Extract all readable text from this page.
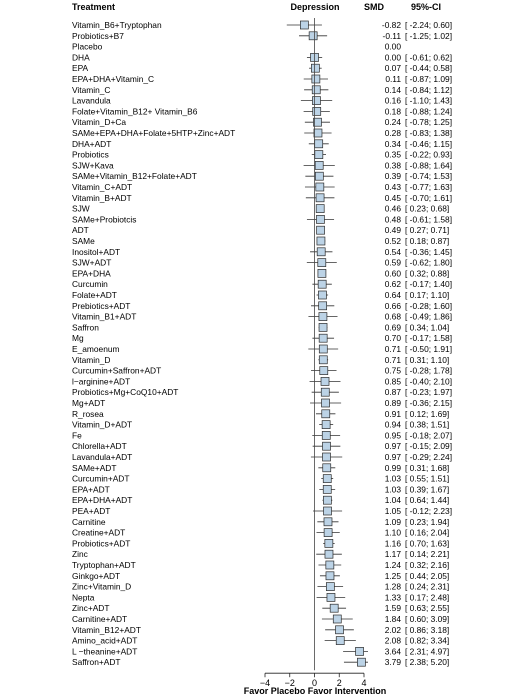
Treatment	Depression	SMD	95%-CI
Vitamin_B6+Tryptophan	-0.82 [ -2.24; 0.60]
Probiotics+B7	-0.11 [ -1.25; 1.02]
Placebo	0.00
DHA	0.00 [ -0.61; 0.62]
EPA	0.07 [ -0.44; 0.58]
EPA+DHA+Vitamin_C	0.11 [ -0.87; 1.09]
Vitamin_C	0.14 [ -0.84; 1.12]
Lavandula	0.16 [ -1.10; 1.43]
Folate+Vitamin_B12+ Vitamin_B6	0.18 [ -0.88; 1.24]
Vitamin_D+Ca	0.24 [ -0.78; 1.25]
SAMe+EPA+DHA+Folate+5HTP+Zinc+ADT	0.28 [ -0.83; 1.38]
DHA+ADT	0.34 [ -0.46; 1.15]
Probiotics	0.35 [ -0.22; 0.93]
SJW+Kava	0.38 [ -0.88; 1.64]
SAMe+Vitamin_B12+Folate+ADT	0.39 [ -0.74; 1.53]
Vitamin_C+ADT	0.43 [ -0.77; 1.63]
Vitamin_B+ADT	0.45 [ -0.70; 1.61]
SJW	0.46 [ 0.23; 0.68]
SAMe+Probiotcis	0.48 [ -0.61; 1.58]
ADT	0.49 [ 0.27; 0.71]
SAMe	0.52 [ 0.18; 0.87]
Inositol+ADT	0.54 [ -0.36; 1.45]
SJW+ADT	0.59 [ -0.62; 1.80]
EPA+DHA	0.60 [ 0.32; 0.88]
Curcumin	0.62 [ -0.17; 1.40]
Folate+ADT	0.64 [ 0.17; 1.10]
Prebiotics+ADT	0.66 [ -0.28; 1.60]
Vitamin_B1+ADT	0.68 [ -0.49; 1.86]
Saffron	0.69 [ 0.34; 1.04]
Mg	0.70 [ -0.17; 1.58]
E_amoenum	0.71 [ -0.50; 1.91]
Vitamin_D	0.71 [ 0.31; 1.10]
Curcumin+Saffron+ADT	0.75 [ -0.28; 1.78]
l−arginine+ADT	0.85 [ -0.40; 2.10]
Probiotics+Mg+CoQ10+ADT	0.87 [ -0.23; 1.97]
Mg+ADT	0.89 [ -0.36; 2.15]
R_rosea	0.91 [ 0.12; 1.69]
Vitamin_D+ADT	0.94 [ 0.38; 1.51]
Fe	0.95 [ -0.18; 2.07]
Chlorella+ADT	0.97 [ -0.15; 2.09]
Lavandula+ADT	0.97 [ -0.29; 2.24]
SAMe+ADT	0.99 [ 0.31; 1.68]
Curcumin+ADT	1.03 [ 0.55; 1.51]
EPA+ADT	1.03 [ 0.39; 1.67]
EPA+DHA+ADT	1.04 [ 0.64; 1.44]
PEA+ADT	1.05 [ -0.12; 2.23]
Carnitine	1.09 [ 0.23; 1.94]
Creatine+ADT	1.10 [ 0.16; 2.04]
Probiotics+ADT	1.16 [ 0.70; 1.63]
Zinc	1.17 [ 0.14; 2.21]
Tryptophan+ADT	1.24 [ 0.32; 2.16]
Ginkgo+ADT	1.25 [ 0.44; 2.05]
Zinc+Vitamin_D	1.28 [ 0.24; 2.31]
Nepta	1.33 [ 0.17; 2.48]
Zinc+ADT	1.59 [ 0.63; 2.55]
Carnitine+ADT	1.84 [ 0.60; 3.09]
Vitamin_B12+ADT	2.02 [ 0.86; 3.18]
Amino_acid+ADT	2.08 [ 0.82; 3.34]
L −theanine+ADT	3.64 [ 2.31; 4.97]
Saffron+ADT	3.79 [ 2.38; 5.20]
−4 −2 0 2 4
Favor Placebo Favor Intervention
